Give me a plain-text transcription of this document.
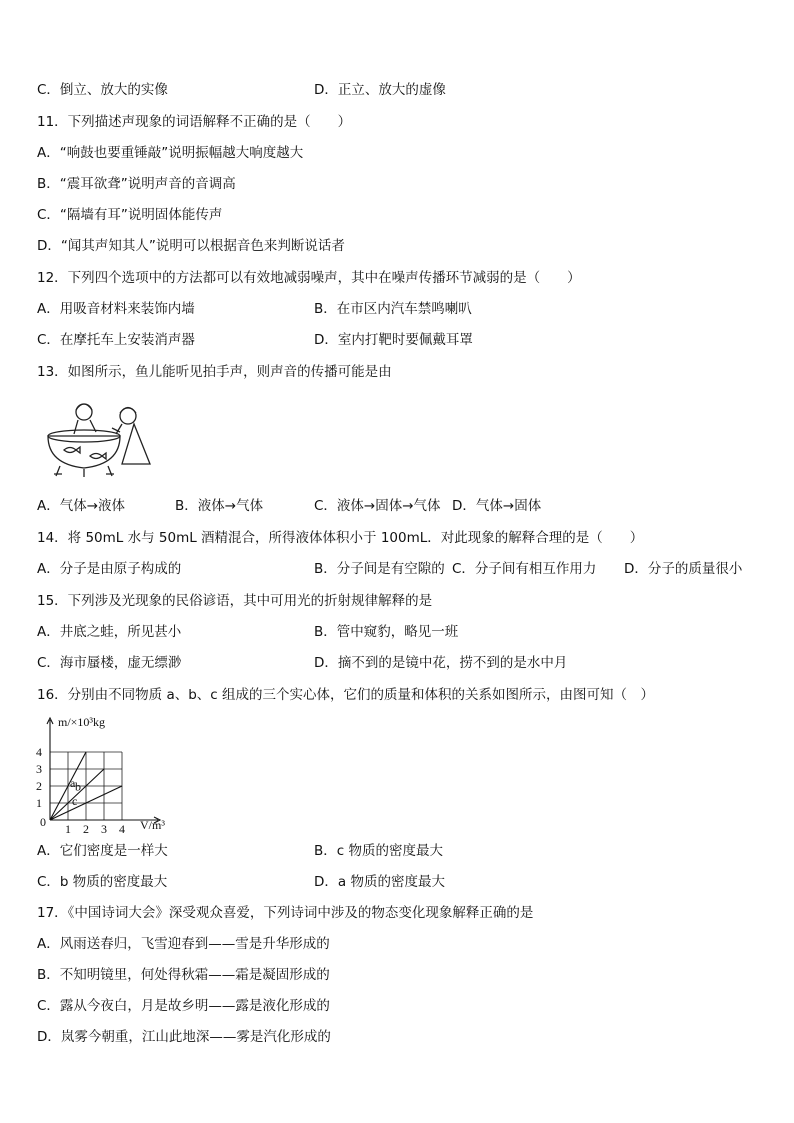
C．倒立、放大的实像	D．正立、放大的虚像
11．下列描述声现象的词语解释不正确的是（　　）
A．“响鼓也要重锤敲”说明振幅越大响度越大
B．“震耳欲聋”说明声音的音调高
C．“隔墙有耳”说明固体能传声
D．“闻其声知其人”说明可以根据音色来判断说话者
12．下列四个选项中的方法都可以有效地减弱噪声，其中在噪声传播环节减弱的是（　　）
A．用吸音材料来装饰内墙	B．在市区内汽车禁鸣喇叭
C．在摩托车上安装消声器	D．室内打靶时要佩戴耳罩
13．如图所示，鱼儿能听见拍手声，则声音的传播可能是由
A．气体→液体	B．液体→气体	C．液体→固体→气体 D．气体→固体
14．将 50mL 水与 50mL 酒精混合，所得液体体积小于 100mL．对此现象的解释合理的是（　　）
A．分子是由原子构成的	B．分子间是有空隙的 C．分子间有相互作用力 D．分子的质量很小
15．下列涉及光现象的民俗谚语，其中可用光的折射规律解释的是
A．井底之蛙，所见甚小	B．管中窥豹，略见一班
C．海市蜃楼，虚无缥渺	D．摘不到的是镜中花，捞不到的是水中月
16．分别由不同物质 a、b、c 组成的三个实心体，它们的质量和体积的关系如图所示，由图可知（　）
a b
c
1 2 3 4
1
2
3
4
m/×10³kg
V/m³
0
A．它们密度是一样大	B．c 物质的密度最大
C．b 物质的密度最大	D．a 物质的密度最大
17．《中国诗词大会》深受观众喜爱，下列诗词中涉及的物态变化现象解释正确的是
A．风雨送春归，飞雪迎春到——雪是升华形成的
B．不知明镜里，何处得秋霜——霜是凝固形成的
C．露从今夜白，月是故乡明——露是液化形成的
D．岚雾今朝重，江山此地深——雾是汽化形成的
